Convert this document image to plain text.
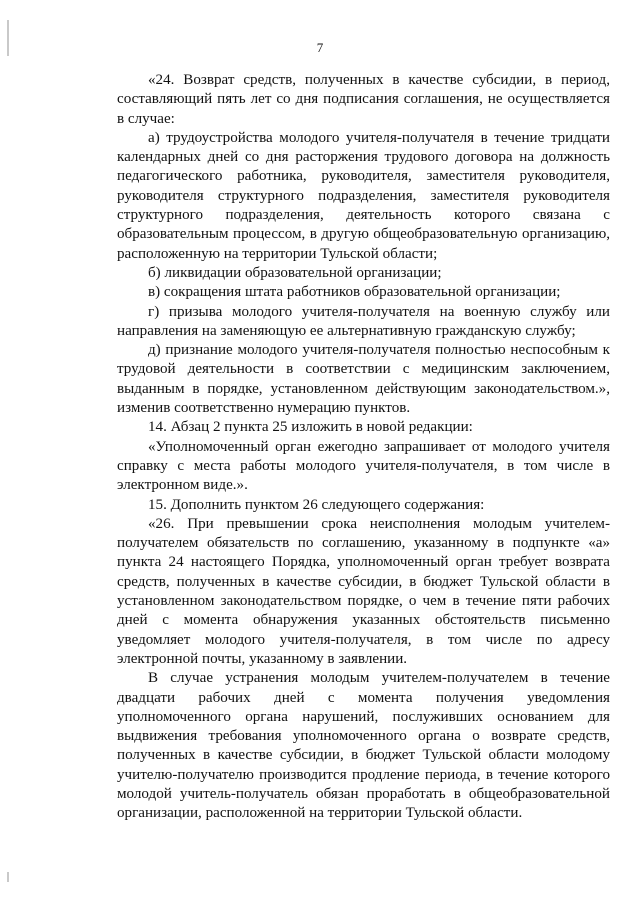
7

«24. Возврат средств, полученных в качестве субсидии, в период, составляющий пять лет со дня подписания соглашения, не осуществляется в случае:

а) трудоустройства молодого учителя-получателя в течение тридцати календарных дней со дня расторжения трудового договора на должность педагогического работника, руководителя, заместителя руководителя, руководителя структурного подразделения, заместителя руководителя структурного подразделения, деятельность которого связана с образовательным процессом, в другую общеобразовательную организацию, расположенную на территории Тульской области;

б) ликвидации образовательной организации;

в) сокращения штата работников образовательной организации;

г) призыва молодого учителя-получателя на военную службу или направления на заменяющую ее альтернативную гражданскую службу;

д) признание молодого учителя-получателя полностью неспособным к трудовой деятельности в соответствии с медицинским заключением, выданным в порядке, установленном действующим законодательством.», изменив соответственно нумерацию пунктов.

14. Абзац 2 пункта 25 изложить в новой редакции:

«Уполномоченный орган ежегодно запрашивает от молодого учителя справку с места работы молодого учителя-получателя, в том числе в электронном виде.».

15. Дополнить пунктом 26 следующего содержания:

«26. При превышении срока неисполнения молодым учителем-получателем обязательств по соглашению, указанному в подпункте «а» пункта 24 настоящего Порядка, уполномоченный орган требует возврата средств, полученных в качестве субсидии, в бюджет Тульской области в установленном законодательством порядке, о чем в течение пяти рабочих дней с момента обнаружения указанных обстоятельств письменно уведомляет молодого учителя-получателя, в том числе по адресу электронной почты, указанному в заявлении.

В случае устранения молодым учителем-получателем в течение двадцати рабочих дней с момента получения уведомления уполномоченного органа нарушений, послуживших основанием для выдвижения требования уполномоченного органа о возврате средств, полученных в качестве субсидии, в бюджет Тульской области молодому учителю-получателю производится продление периода, в течение которого молодой учитель-получатель обязан проработать в общеобразовательной организации, расположенной на территории Тульской области.
